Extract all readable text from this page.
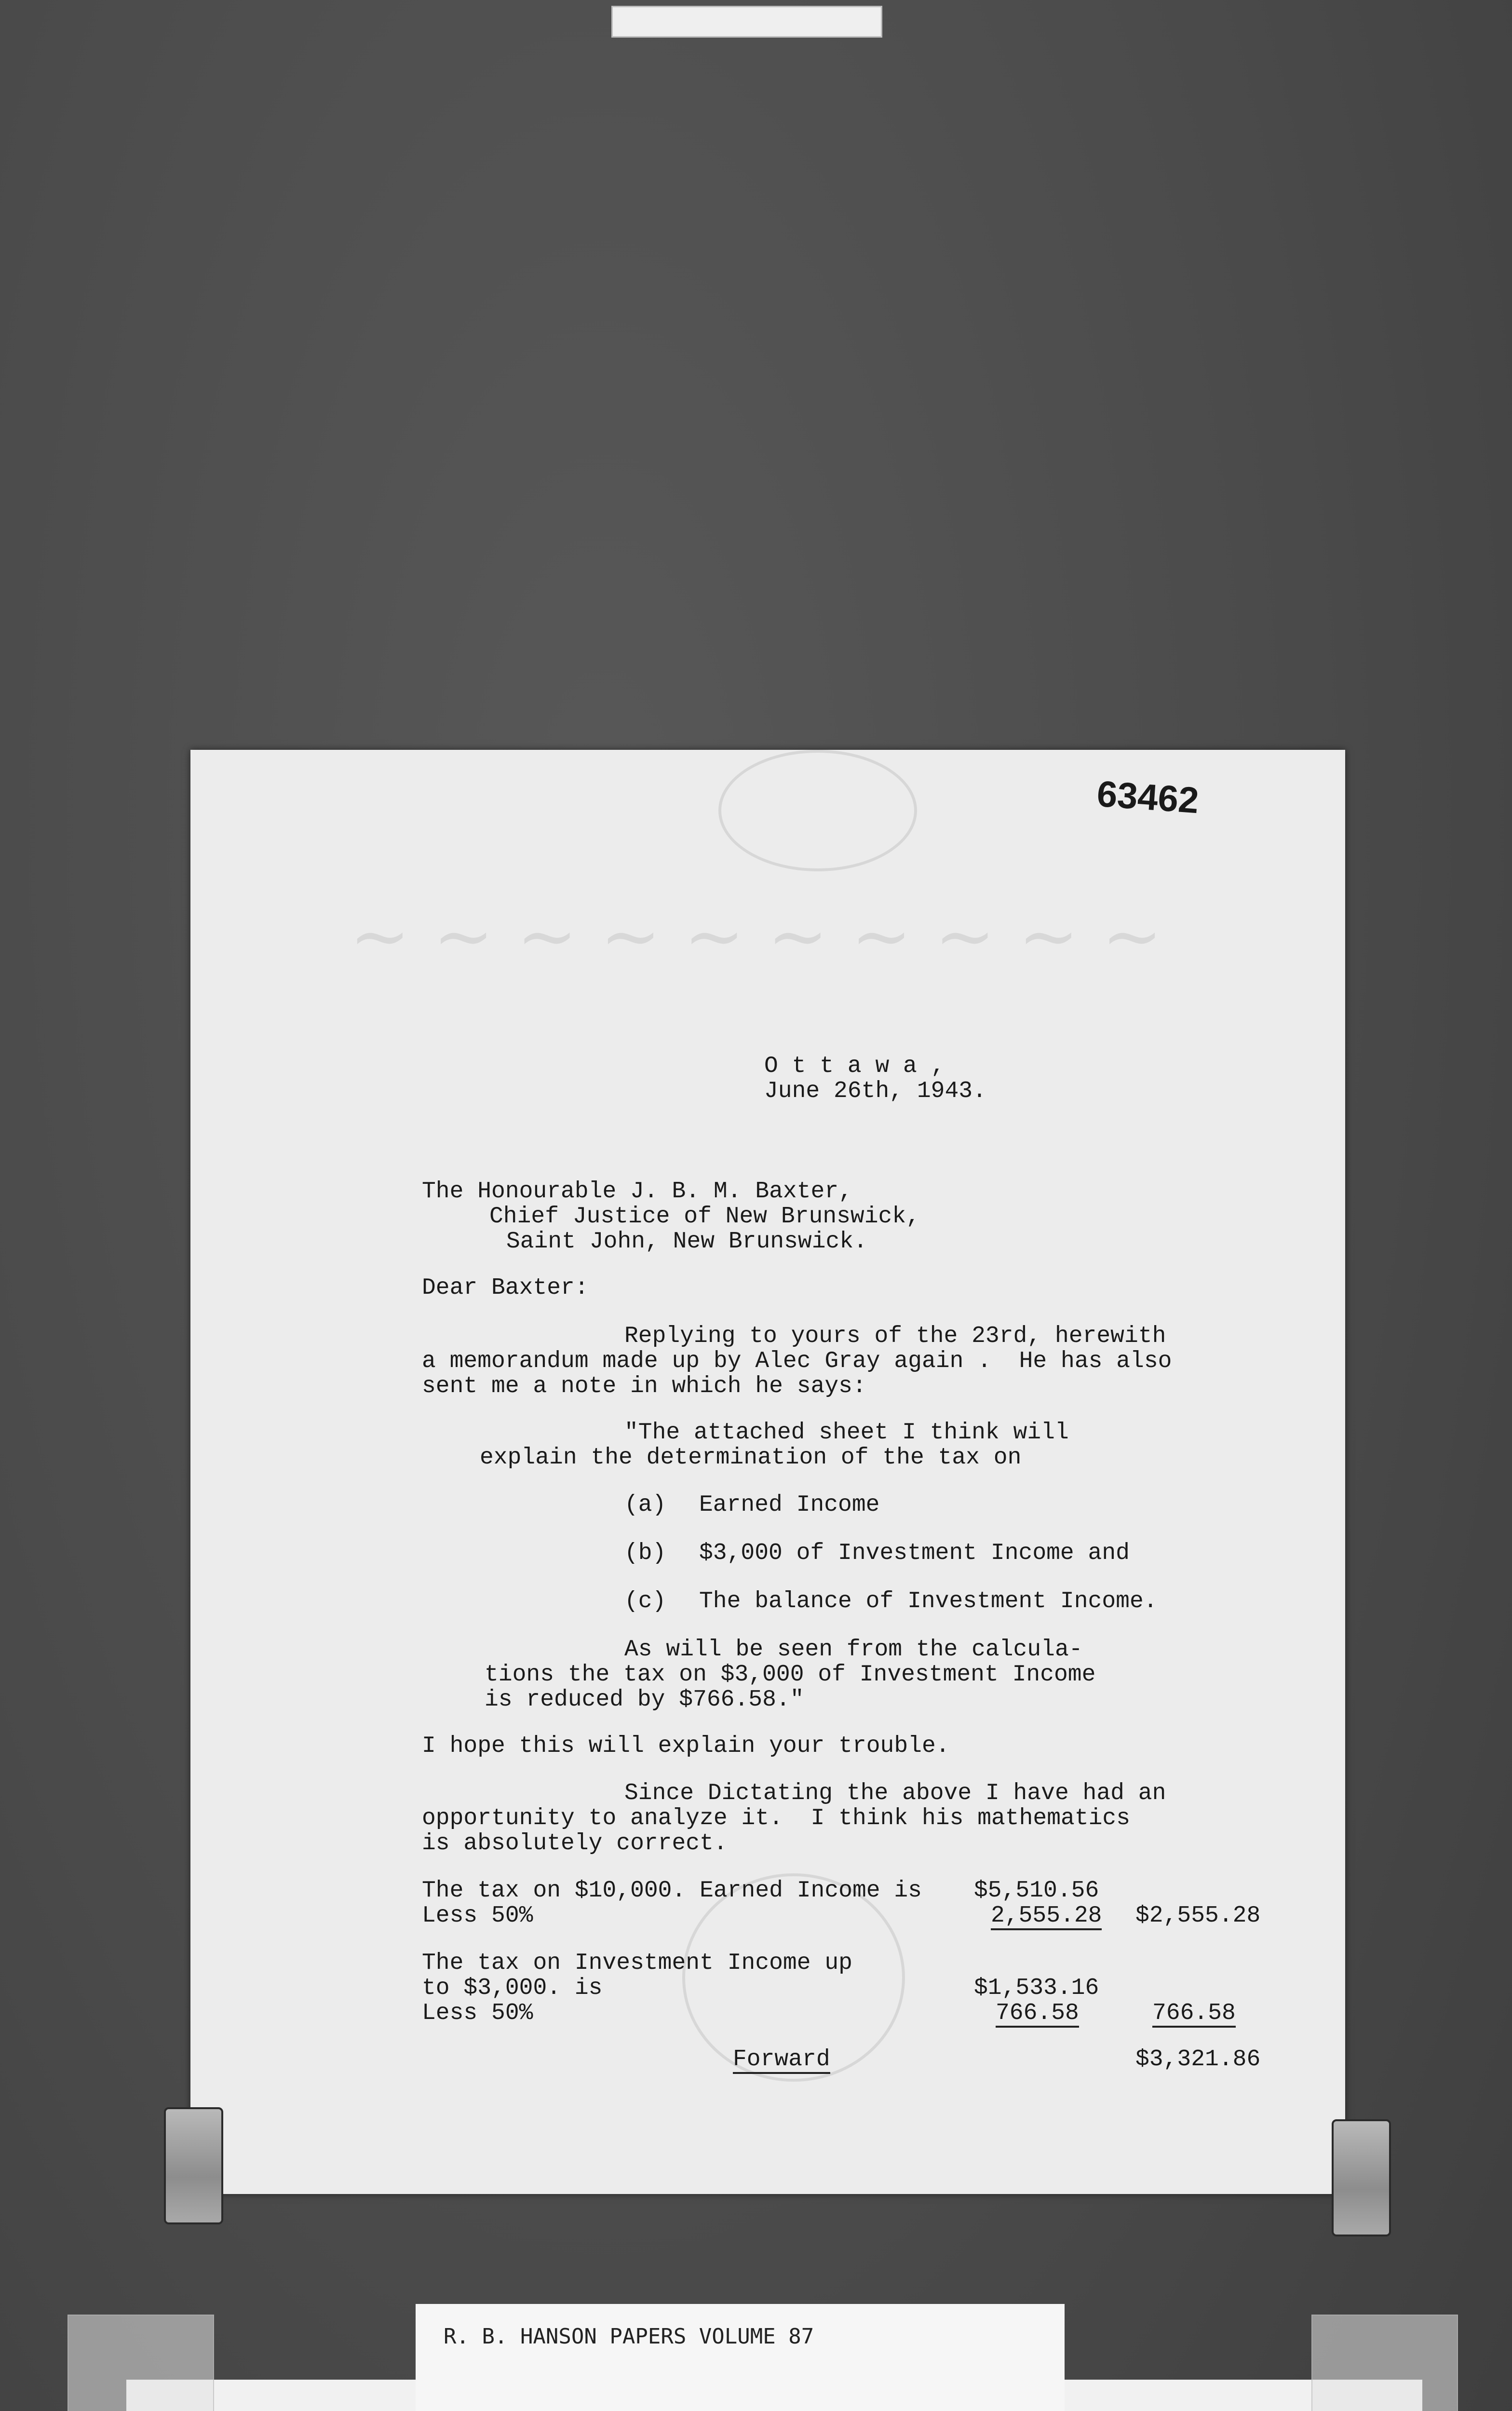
~ ~ ~ ~ ~ ~ ~ ~ ~ ~
63462
O t t a w a ,
June 26th, 1943.
The Honourable J. B. M. Baxter,
Chief Justice of New Brunswick,
Saint John, New Brunswick.
Dear Baxter:
Replying to yours of the 23rd, herewith
a memorandum made up by Alec Gray again .  He has also
sent me a note in which he says:
"The attached sheet I think will
explain the determination of the tax on
(a) Earned Income
(b) $3,000 of Investment Income and
(c) The balance of Investment Income.
As will be seen from the calcula-
tions the tax on $3,000 of Investment Income
is reduced by $766.58."
I hope this will explain your trouble.
Since Dictating the above I have had an
opportunity to analyze it.  I think his mathematics
is absolutely correct.
The tax on $10,000. Earned Income is $5,510.56
Less 50%	2,555.28 $2,555.28
The tax on Investment Income up
to $3,000. is	$1,533.16
Less 50%	766.58	766.58
Forward	$3,321.86
R. B. HANSON PAPERS VOLUME 87
